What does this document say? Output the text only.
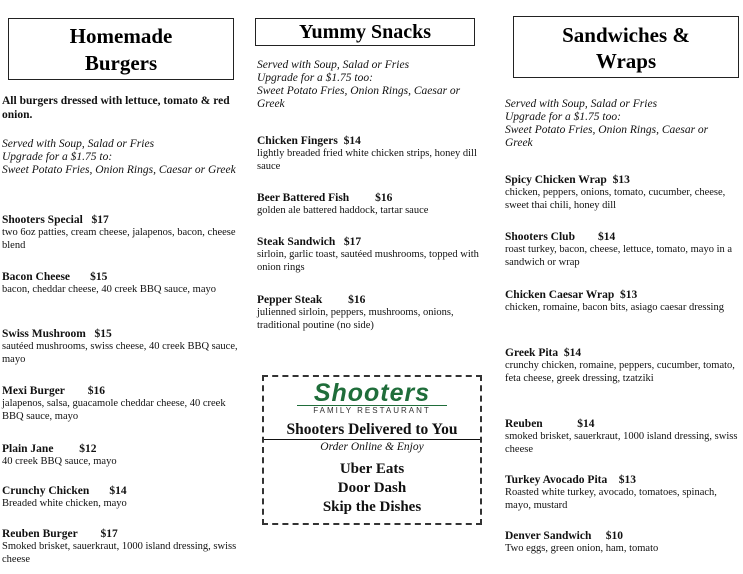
Homemade
Burgers
All burgers dressed with lettuce, tomato & red onion.
Served with Soup, Salad or Fries
Upgrade for a $1.75 to:
Sweet Potato Fries, Onion Rings, Caesar or Greek
Shooters Special   $17
two 6oz patties, cream cheese, jalapenos, bacon, cheese blend
Bacon Cheese       $15
bacon, cheddar cheese, 40 creek BBQ sauce, mayo
Swiss Mushroom   $15
sautéed mushrooms, swiss cheese, 40 creek BBQ sauce, mayo
Mexi Burger        $16
jalapenos, salsa, guacamole cheddar cheese, 40 creek BBQ sauce, mayo
Plain Jane         $12
40 creek BBQ sauce, mayo
Crunchy Chicken       $14
Breaded white chicken, mayo
Reuben Burger        $17
Smoked brisket, sauerkraut, 1000 island dressing, swiss cheese
Yummy Snacks
Served with Soup, Salad or Fries
Upgrade for a $1.75 too:
Sweet Potato Fries, Onion Rings, Caesar or Greek
Chicken Fingers  $14
lightly breaded fried white chicken strips, honey dill sauce
Beer Battered Fish         $16
golden ale battered haddock, tartar sauce
Steak Sandwich   $17
sirloin, garlic toast, sautéed mushrooms, topped with onion rings
Pepper Steak         $16
julienned sirloin, peppers, mushrooms, onions, traditional poutine (no side)
Shooters
FAMILY RESTAURANT
Shooters Delivered to You
Order Online & Enjoy
Uber Eats
Door Dash
Skip the Dishes
Sandwiches &
Wraps
Served with Soup, Salad or Fries
Upgrade for a $1.75 too:
Sweet Potato Fries, Onion Rings, Caesar or Greek
Spicy Chicken Wrap  $13
chicken, peppers, onions, tomato, cucumber, cheese, sweet thai chili, honey dill
Shooters Club        $14
roast turkey, bacon, cheese, lettuce, tomato, mayo in a sandwich or wrap
Chicken Caesar Wrap  $13
chicken, romaine, bacon bits, asiago caesar dressing
Greek Pita  $14
crunchy chicken, romaine, peppers, cucumber, tomato, feta cheese, greek dressing, tzatziki
Reuben            $14
smoked brisket, sauerkraut, 1000 island dressing, swiss cheese
Turkey Avocado Pita    $13
Roasted white turkey, avocado, tomatoes, spinach, mayo, mustard
Denver Sandwich     $10
Two eggs, green onion, ham, tomato
